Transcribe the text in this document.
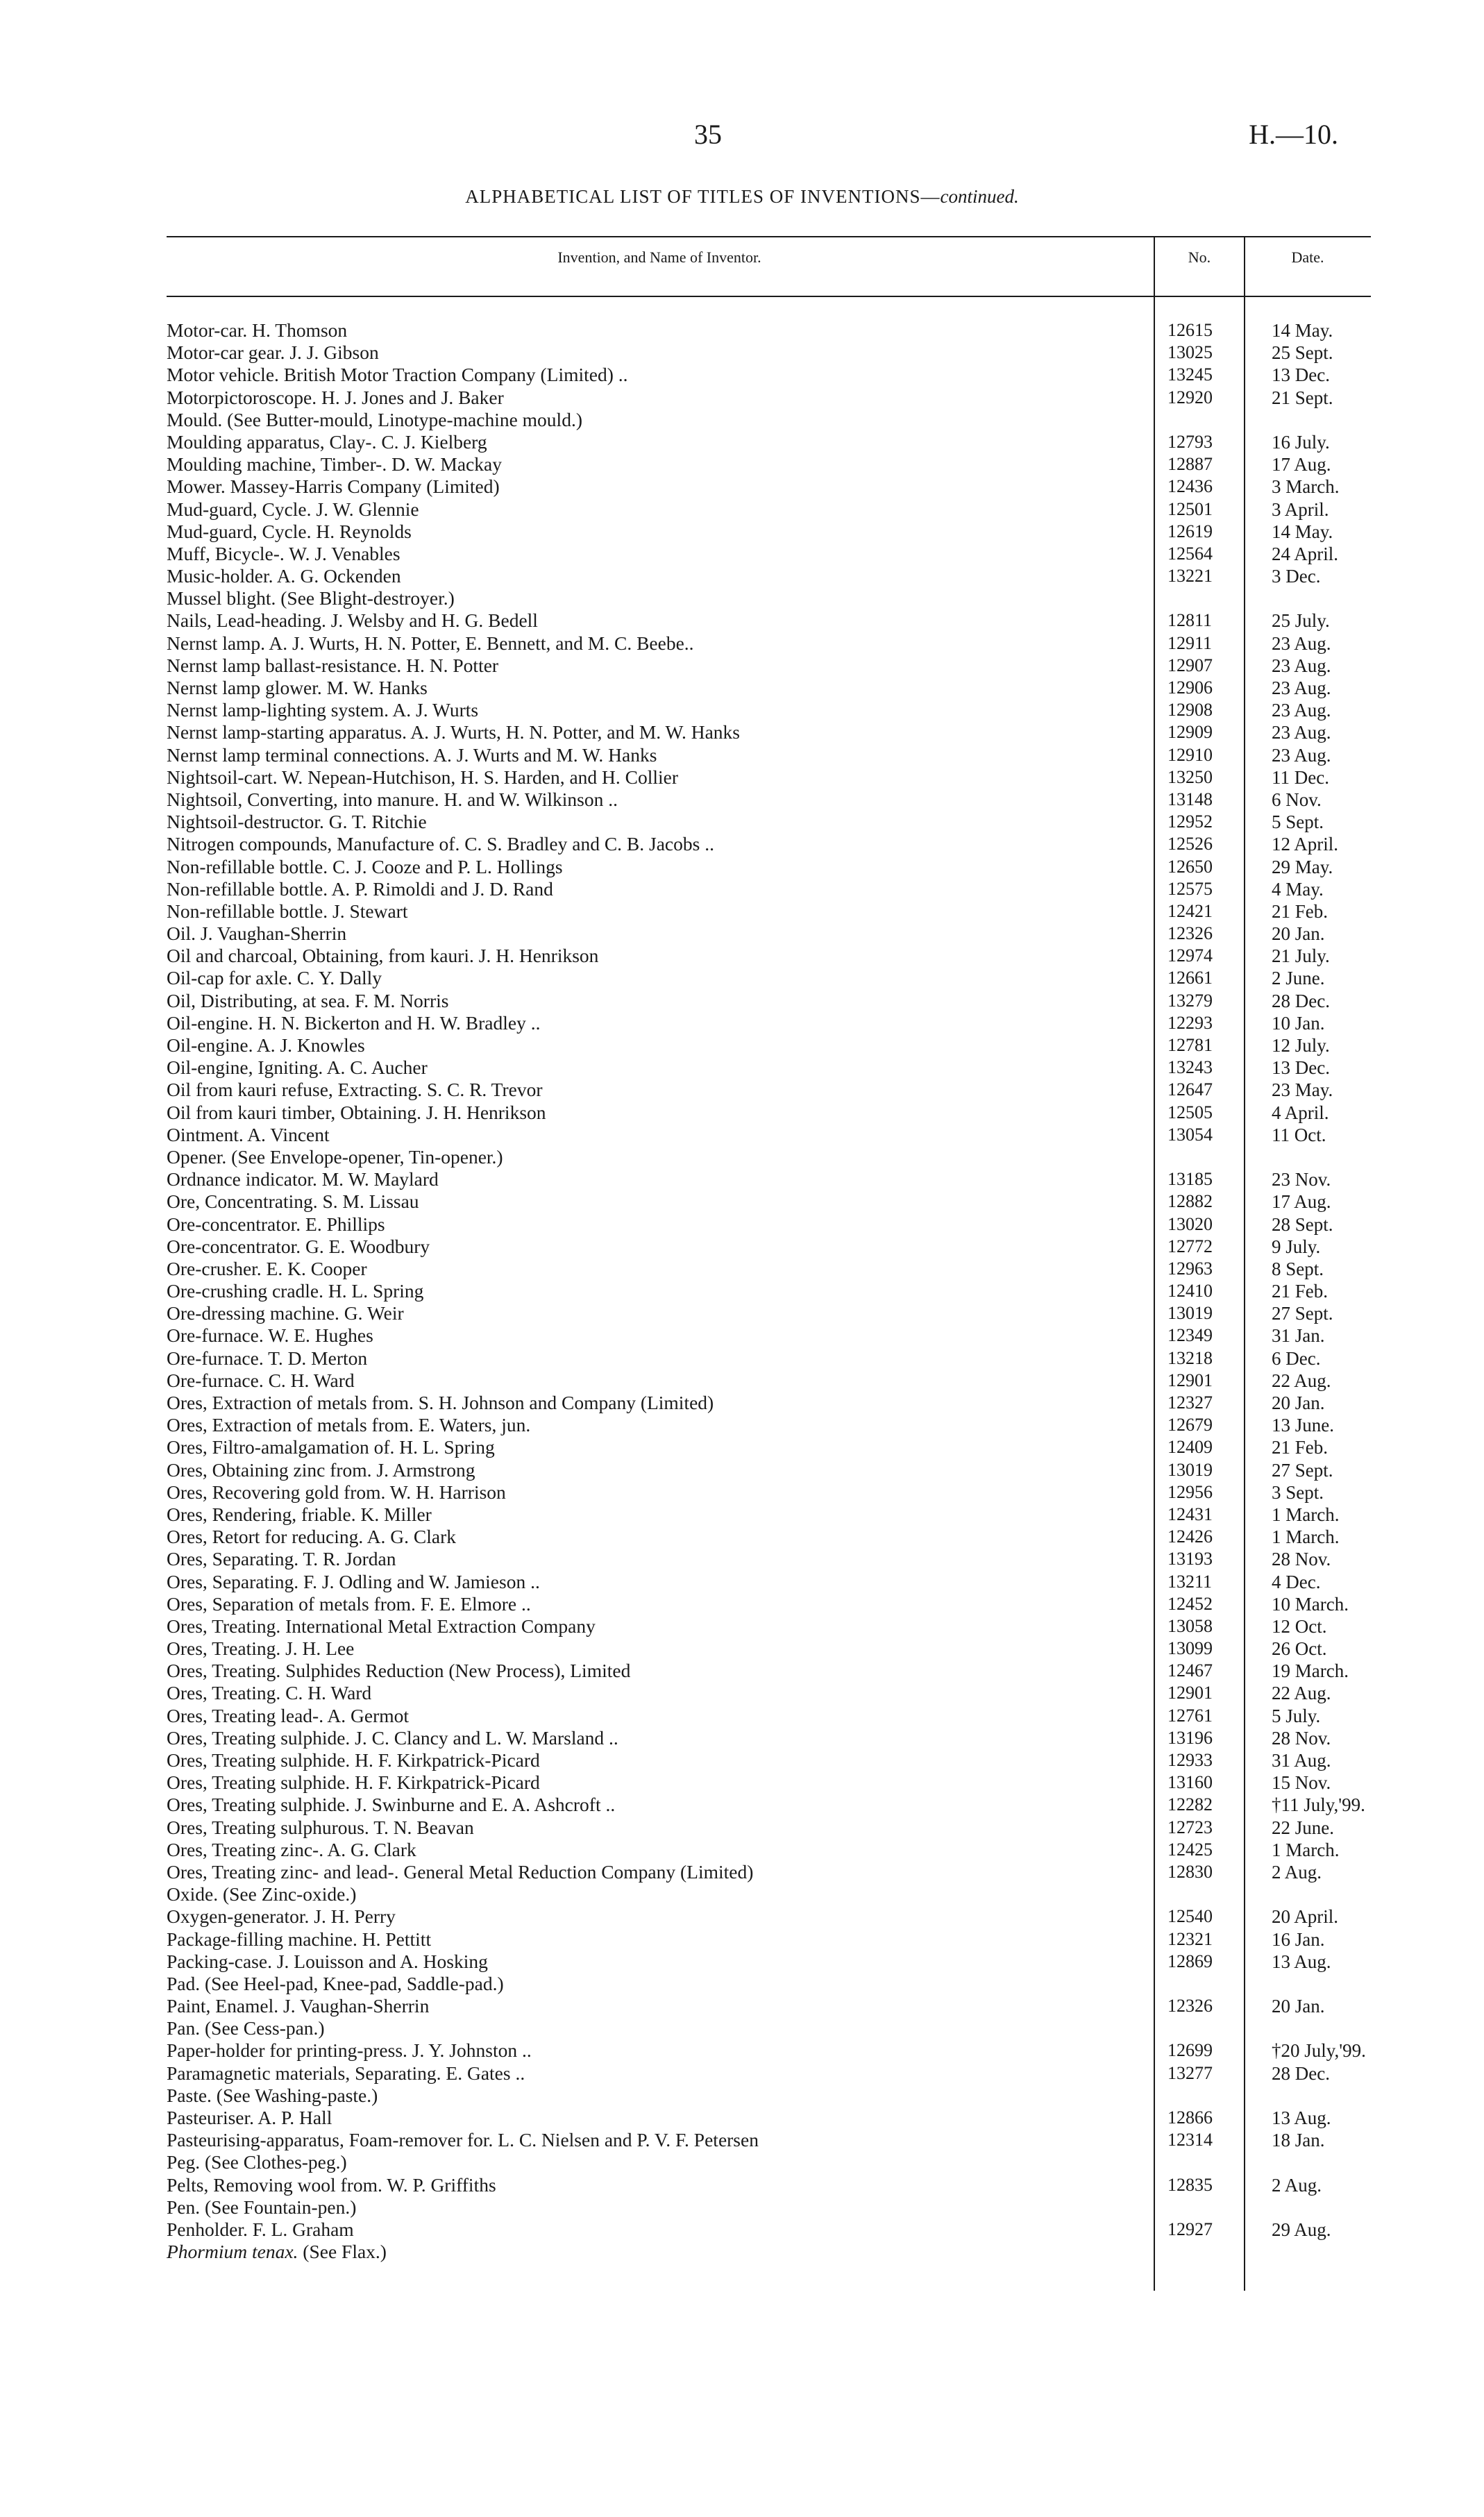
35	H.—10.
ALPHABETICAL LIST OF TITLES OF INVENTIONS—continued.
Invention, and Name of Inventor.	No.	Date.
Motor-car. H. Thomson	12615	14 May.
Motor-car gear. J. J. Gibson	13025	25 Sept.
Motor vehicle. British Motor Traction Company (Limited) ..	13245	13 Dec.
Motorpictoroscope. H. J. Jones and J. Baker	12920	21 Sept.
Mould. (See Butter-mould, Linotype-machine mould.)
Moulding apparatus, Clay-. C. J. Kielberg	12793	16 July.
Moulding machine, Timber-. D. W. Mackay	12887	17 Aug.
Mower. Massey-Harris Company (Limited)	12436	3 March.
Mud-guard, Cycle. J. W. Glennie	12501	3 April.
Mud-guard, Cycle. H. Reynolds	12619	14 May.
Muff, Bicycle-. W. J. Venables	12564	24 April.
Music-holder. A. G. Ockenden	13221	3 Dec.
Mussel blight. (See Blight-destroyer.)
Nails, Lead-heading. J. Welsby and H. G. Bedell	12811	25 July.
Nernst lamp. A. J. Wurts, H. N. Potter, E. Bennett, and M. C. Beebe..	12911	23 Aug.
Nernst lamp ballast-resistance. H. N. Potter	12907	23 Aug.
Nernst lamp glower. M. W. Hanks	12906	23 Aug.
Nernst lamp-lighting system. A. J. Wurts	12908	23 Aug.
Nernst lamp-starting apparatus. A. J. Wurts, H. N. Potter, and M. W. Hanks	12909	23 Aug.
Nernst lamp terminal connections. A. J. Wurts and M. W. Hanks	12910	23 Aug.
Nightsoil-cart. W. Nepean-Hutchison, H. S. Harden, and H. Collier	13250	11 Dec.
Nightsoil, Converting, into manure. H. and W. Wilkinson ..	13148	6 Nov.
Nightsoil-destructor. G. T. Ritchie	12952	5 Sept.
Nitrogen compounds, Manufacture of. C. S. Bradley and C. B. Jacobs ..	12526	12 April.
Non-refillable bottle. C. J. Cooze and P. L. Hollings	12650	29 May.
Non-refillable bottle. A. P. Rimoldi and J. D. Rand	12575	4 May.
Non-refillable bottle. J. Stewart	12421	21 Feb.
Oil. J. Vaughan-Sherrin	12326	20 Jan.
Oil and charcoal, Obtaining, from kauri. J. H. Henrikson	12974	21 July.
Oil-cap for axle. C. Y. Dally	12661	2 June.
Oil, Distributing, at sea. F. M. Norris	13279	28 Dec.
Oil-engine. H. N. Bickerton and H. W. Bradley ..	12293	10 Jan.
Oil-engine. A. J. Knowles	12781	12 July.
Oil-engine, Igniting. A. C. Aucher	13243	13 Dec.
Oil from kauri refuse, Extracting. S. C. R. Trevor	12647	23 May.
Oil from kauri timber, Obtaining. J. H. Henrikson	12505	4 April.
Ointment. A. Vincent	13054	11 Oct.
Opener. (See Envelope-opener, Tin-opener.)
Ordnance indicator. M. W. Maylard	13185	23 Nov.
Ore, Concentrating. S. M. Lissau	12882	17 Aug.
Ore-concentrator. E. Phillips	13020	28 Sept.
Ore-concentrator. G. E. Woodbury	12772	9 July.
Ore-crusher. E. K. Cooper	12963	8 Sept.
Ore-crushing cradle. H. L. Spring	12410	21 Feb.
Ore-dressing machine. G. Weir	13019	27 Sept.
Ore-furnace. W. E. Hughes	12349	31 Jan.
Ore-furnace. T. D. Merton	13218	6 Dec.
Ore-furnace. C. H. Ward	12901	22 Aug.
Ores, Extraction of metals from. S. H. Johnson and Company (Limited)	12327	20 Jan.
Ores, Extraction of metals from. E. Waters, jun.	12679	13 June.
Ores, Filtro-amalgamation of. H. L. Spring	12409	21 Feb.
Ores, Obtaining zinc from. J. Armstrong	13019	27 Sept.
Ores, Recovering gold from. W. H. Harrison	12956	3 Sept.
Ores, Rendering, friable. K. Miller	12431	1 March.
Ores, Retort for reducing. A. G. Clark	12426	1 March.
Ores, Separating. T. R. Jordan	13193	28 Nov.
Ores, Separating. F. J. Odling and W. Jamieson ..	13211	4 Dec.
Ores, Separation of metals from. F. E. Elmore ..	12452	10 March.
Ores, Treating. International Metal Extraction Company	13058	12 Oct.
Ores, Treating. J. H. Lee	13099	26 Oct.
Ores, Treating. Sulphides Reduction (New Process), Limited	12467	19 March.
Ores, Treating. C. H. Ward	12901	22 Aug.
Ores, Treating lead-. A. Germot	12761	5 July.
Ores, Treating sulphide. J. C. Clancy and L. W. Marsland ..	13196	28 Nov.
Ores, Treating sulphide. H. F. Kirkpatrick-Picard	12933	31 Aug.
Ores, Treating sulphide. H. F. Kirkpatrick-Picard	13160	15 Nov.
Ores, Treating sulphide. J. Swinburne and E. A. Ashcroft ..	12282	†11 July,'99.
Ores, Treating sulphurous. T. N. Beavan	12723	22 June.
Ores, Treating zinc-. A. G. Clark	12425	1 March.
Ores, Treating zinc- and lead-. General Metal Reduction Company (Limited)	12830	2 Aug.
Oxide. (See Zinc-oxide.)
Oxygen-generator. J. H. Perry	12540	20 April.
Package-filling machine. H. Pettitt	12321	16 Jan.
Packing-case. J. Louisson and A. Hosking	12869	13 Aug.
Pad. (See Heel-pad, Knee-pad, Saddle-pad.)
Paint, Enamel. J. Vaughan-Sherrin	12326	20 Jan.
Pan. (See Cess-pan.)
Paper-holder for printing-press. J. Y. Johnston ..	12699	†20 July,'99.
Paramagnetic materials, Separating. E. Gates ..	13277	28 Dec.
Paste. (See Washing-paste.)
Pasteuriser. A. P. Hall	12866	13 Aug.
Pasteurising-apparatus, Foam-remover for. L. C. Nielsen and P. V. F. Petersen	12314	18 Jan.
Peg. (See Clothes-peg.)
Pelts, Removing wool from. W. P. Griffiths	12835	2 Aug.
Pen. (See Fountain-pen.)
Penholder. F. L. Graham	12927	29 Aug.
Phormium tenax. (See Flax.)
